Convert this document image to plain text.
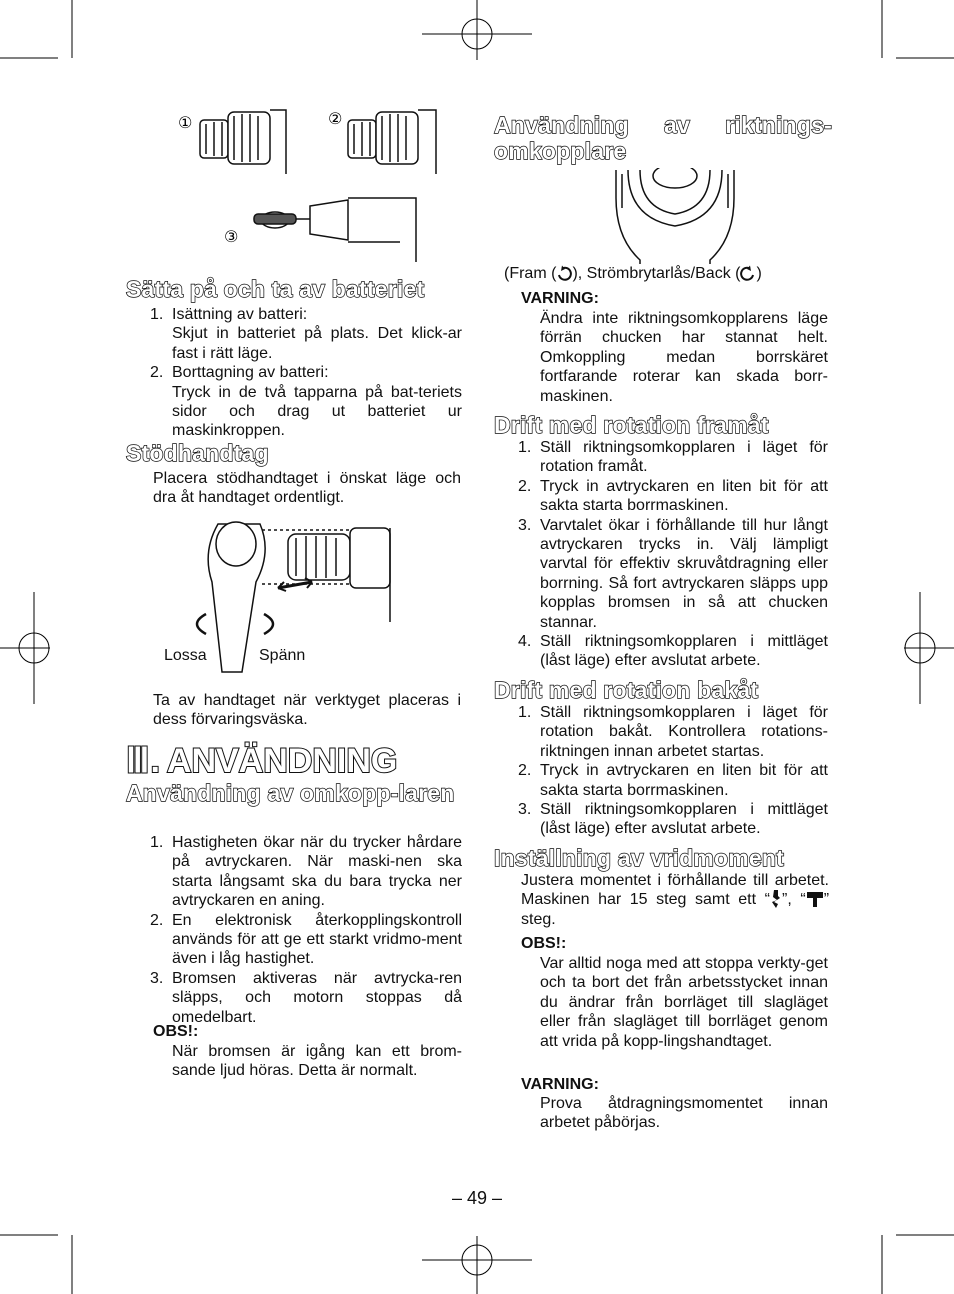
①	②
③
Sätta på och ta av batteriet
1. Isättning av batteri:
Skjut in batteriet på plats. Det klick-ar fast i rätt läge.
2. Borttagning av batteri:
Tryck in de två tapparna på bat-teriets sidor och drag ut batteriet ur maskinkroppen.
Stödhandtag
Placera stödhandtaget i önskat läge och dra åt handtaget ordentligt.
Lossa	Spänn
Ta av handtaget när verktyget placeras i dess förvaringsväska.
Ⅲ. ANVÄNDNING
Användning av omkopp-laren
1. Hastigheten ökar när du trycker hårdare på avtryckaren. När maski-nen ska starta långsamt ska du bara trycka ner avtryckaren en aning.
2. En elektronisk återkopplingskontroll används för att ge ett starkt vridmo-ment även i låg hastighet.
3. Bromsen aktiveras när avtrycka-ren släpps, och motorn stoppas då omedelbart.
OBS!:
När bromsen är igång kan ett brom-sande ljud höras. Detta är normalt.
Användning av riktnings-omkopplare
(Fram ( ), Strömbrytarlås/Back ( )
VARNING:
Ändra inte riktningsomkopplarens läge förrän chucken har stannat helt. Omkoppling medan borrskäret fortfarande roterar kan skada borr-maskinen.
Drift med rotation framåt
1. Ställ riktningsomkopplaren i läget för rotation framåt.
2. Tryck in avtryckaren en liten bit för att sakta starta borrmaskinen.
3. Varvtalet ökar i förhållande till hur långt avtryckaren trycks in. Välj lämpligt varvtal för effektiv skruvåtdragning eller borrning. Så fort avtryckaren släpps upp kopplas bromsen in så att chucken stannar.
4. Ställ riktningsomkopplaren i mittläget (låst läge) efter avslutat arbete.
Drift med rotation bakåt
1. Ställ riktningsomkopplaren i läget för rotation bakåt. Kontrollera rotations-riktningen innan arbetet startas.
2. Tryck in avtryckaren en liten bit för att sakta starta borrmaskinen.
3. Ställ riktningsomkopplaren i mittläget (låst läge) efter avslutat arbete.
Inställning av vridmoment
Justera momentet i förhållande till arbetet. Maskinen har 15 steg samt ett “ ”, “ ” steg.
OBS!:
Var alltid noga med att stoppa verkty-get och ta bort det från arbetsstycket innan du ändrar från borrläget till slagläget eller från slagläget till borrläget genom att vrida på kopp-lingshandtaget.
VARNING:
Prova åtdragningsmomentet innan arbetet påbörjas.
– 49 –
